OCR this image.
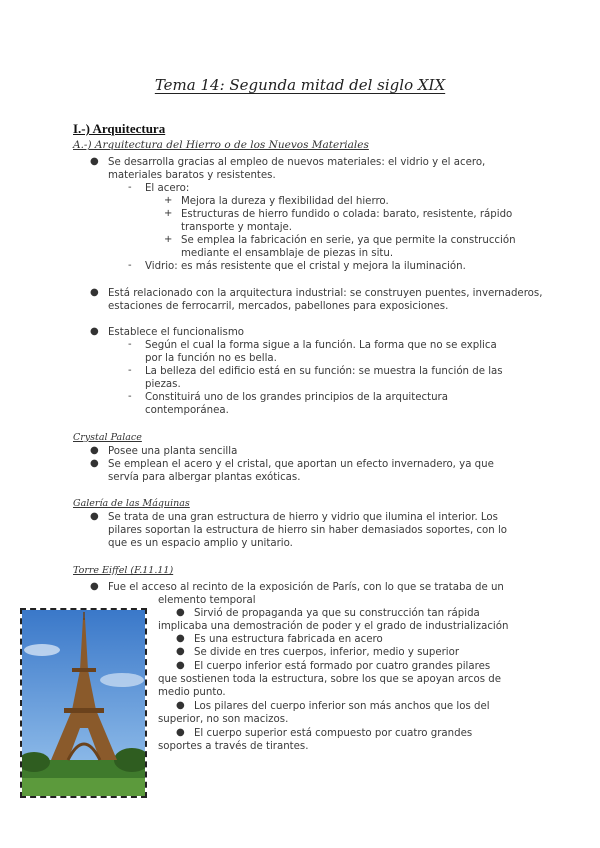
Tema 14: Segunda mitad del siglo XIX
I.-) Arquitectura
A.-) Arquitectura del Hierro o de los Nuevos Materiales
● Se desarrolla gracias al empleo de nuevos materiales: el vidrio y el acero,
materiales baratos y resistentes.
- El acero:
+ Mejora la dureza y flexibilidad del hierro.
+ Estructuras de hierro fundido o colada: barato, resistente, rápido
transporte y montaje.
+ Se emplea la fabricación en serie, ya que permite la construcción
mediante el ensamblaje de piezas in situ.
- Vidrio: es más resistente que el cristal y mejora la iluminación.
● Está relacionado con la arquitectura industrial: se construyen puentes, invernaderos,
estaciones de ferrocarril, mercados, pabellones para exposiciones.
● Establece el funcionalismo
- Según el cual la forma sigue a la función. La forma que no se explica
por la función no es bella.
- La belleza del edificio está en su función: se muestra la función de las
piezas.
- Constituirá uno de los grandes principios de la arquitectura
contemporánea.
Crystal Palace
● Posee una planta sencilla
● Se emplean el acero y el cristal, que aportan un efecto invernadero, ya que
servía para albergar plantas exóticas.
Galería de las Máquinas
● Se trata de una gran estructura de hierro y vidrio que ilumina el interior. Los
pilares soportan la estructura de hierro sin haber demasiados soportes, con lo
que es un espacio amplio y unitario.
Torre Eiffel (F.11.11)
● Fue el acceso al recinto de la exposición de París, con lo que se trataba de un
elemento temporal
● Sirvió de propaganda ya que su construcción tan rápida
implicaba una demostración de poder y el grado de industrialización
● Es una estructura fabricada en acero
● Se divide en tres cuerpos, inferior, medio y superior
● El cuerpo inferior está formado por cuatro grandes pilares
que sostienen toda la estructura, sobre los que se apoyan arcos de
medio punto.
● Los pilares del cuerpo inferior son más anchos que los del
superior, no son macizos.
● El cuerpo superior está compuesto por cuatro grandes
soportes a través de tirantes.
